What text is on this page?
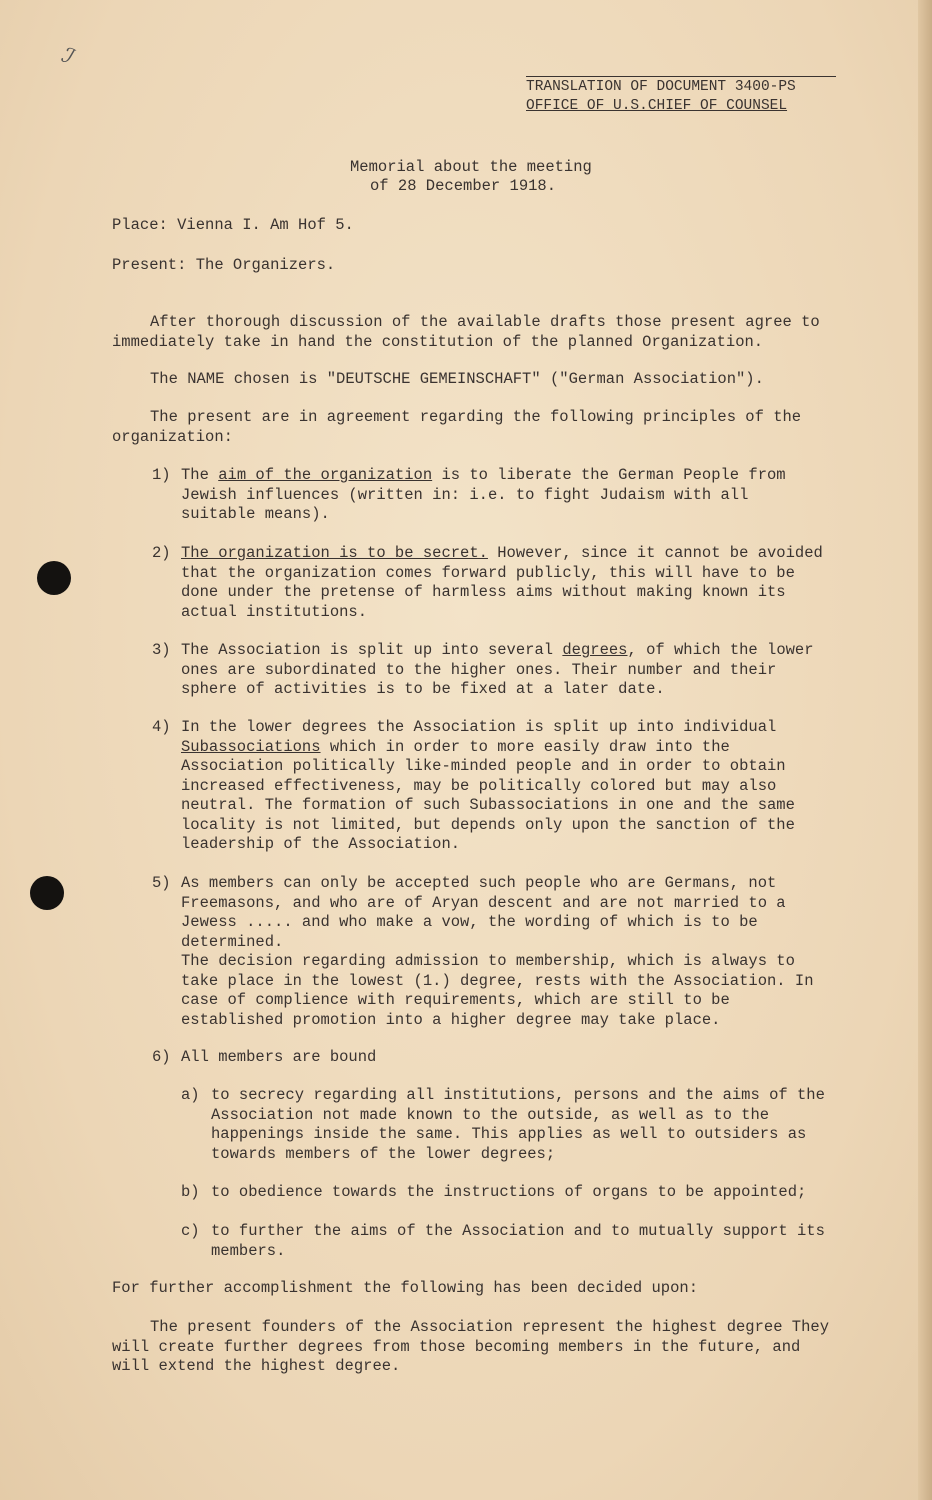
ℐ
TRANSLATION OF DOCUMENT 3400-PS
OFFICE OF U.S.CHIEF OF COUNSEL
Memorial about the meeting
of 28 December 1918.

Place: Vienna I. Am Hof 5.

Present: The Organizers.

After thorough discussion of the available drafts those present agree to immediately take in hand the constitution of the planned Organization.

The NAME chosen is "DEUTSCHE GEMEINSCHAFT" ("German Association").

The present are in agreement regarding the following principles of the organization:

1) The aim of the organization is to liberate the German People from Jewish influences (written in: i.e. to fight Judaism with all suitable means).
2) The organization is to be secret. However, since it cannot be avoided that the organization comes forward publicly, this will have to be done under the pretense of harmless aims without making known its actual institutions.
3) The Association is split up into several degrees, of which the lower ones are subordinated to the higher ones. Their number and their sphere of activities is to be fixed at a later date.
4) In the lower degrees the Association is split up into individual Subassociations which in order to more easily draw into the Association politically like-minded people and in order to obtain increased effectiveness, may be politically colored but may also neutral. The formation of such Subassociations in one and the same locality is not limited, but depends only upon the sanction of the leadership of the Association.
5) As members can only be accepted such people who are Germans, not Freemasons, and who are of Aryan descent and are not married to a Jewess ..... and who make a vow, the wording of which is to be determined.
The decision regarding admission to membership, which is always to take place in the lowest (1.) degree, rests with the Association. In case of complience with requirements, which are still to be established promotion into a higher degree may take place.
6) All members are bound
a) to secrecy regarding all institutions, persons and the aims of the Association not made known to the outside, as well as to the happenings inside the same. This applies as well to outsiders as towards members of the lower degrees;
b) to obedience towards the instructions of organs to be appointed;
c) to further the aims of the Association and to mutually support its members.

For further accomplishment the following has been decided upon:

The present founders of the Association represent the highest degree They will create further degrees from those becoming members in the future, and will extend the highest degree.
